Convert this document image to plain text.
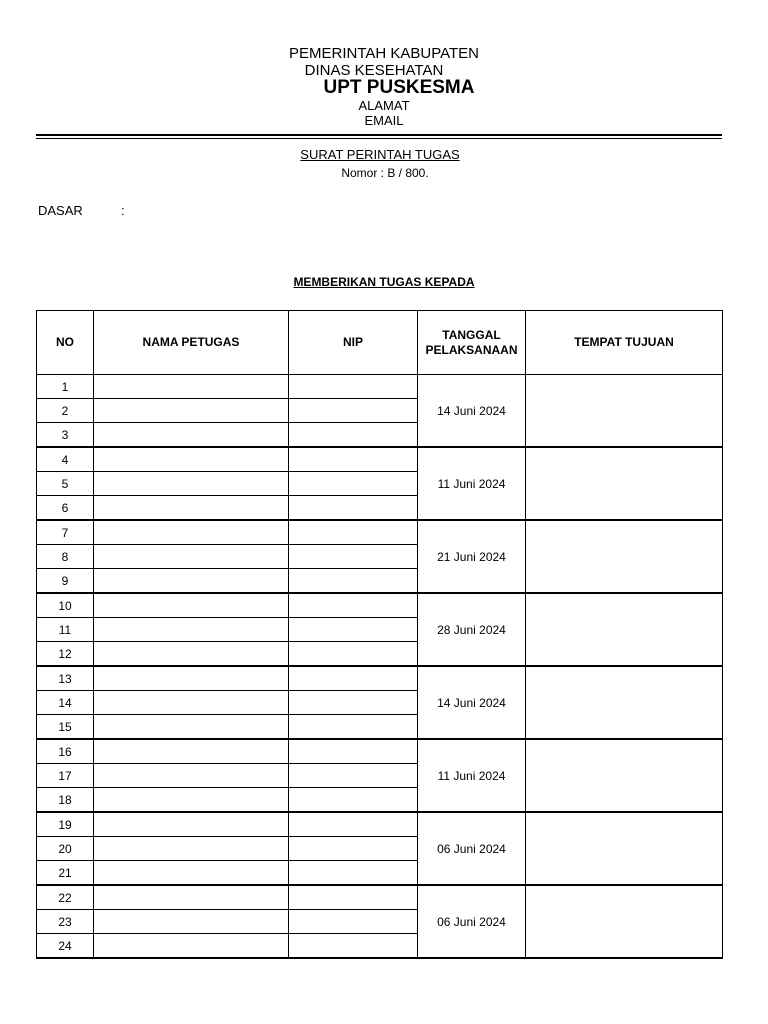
PEMERINTAH KABUPATEN
DINAS KESEHATAN
UPT PUSKESMA
ALAMAT
EMAIL
SURAT PERINTAH TUGAS
Nomor : B / 800.
DASAR	:
MEMBERIKAN TUGAS KEPADA
NO	NAMA PETUGAS	NIP	TANGGAL PELAKSANAAN	TEMPAT TUJUAN
1			14 Juni 2024	
2				
3				
4			11 Juni 2024	
5				
6				
7			21 Juni 2024	
8				
9				
10			28 Juni 2024	
11				
12				
13			14 Juni 2024	
14				
15				
16			11 Juni 2024	
17				
18				
19			06 Juni 2024	
20				
21				
22			06 Juni 2024	
23				
24				
